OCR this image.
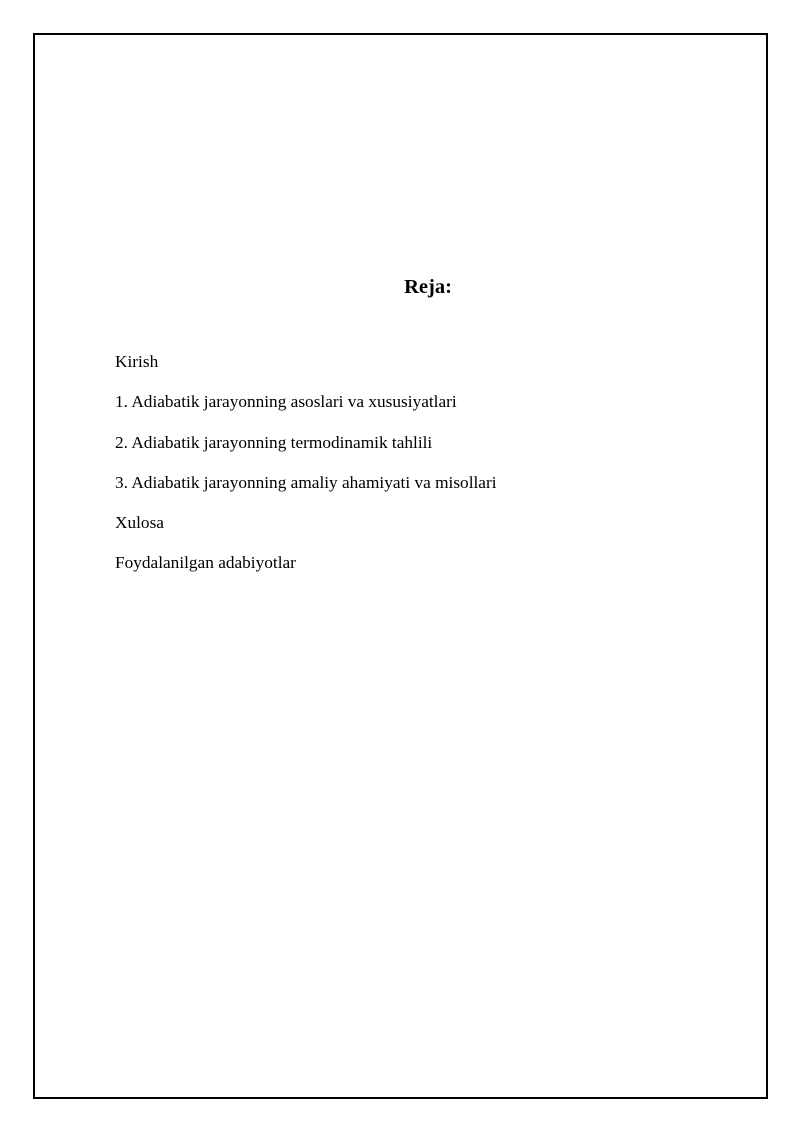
Reja:
Kirish
1. Adiabatik jarayonning asoslari va xususiyatlari
2. Adiabatik jarayonning termodinamik tahlili
3. Adiabatik jarayonning amaliy ahamiyati va misollari
Xulosa
Foydalanilgan adabiyotlar
